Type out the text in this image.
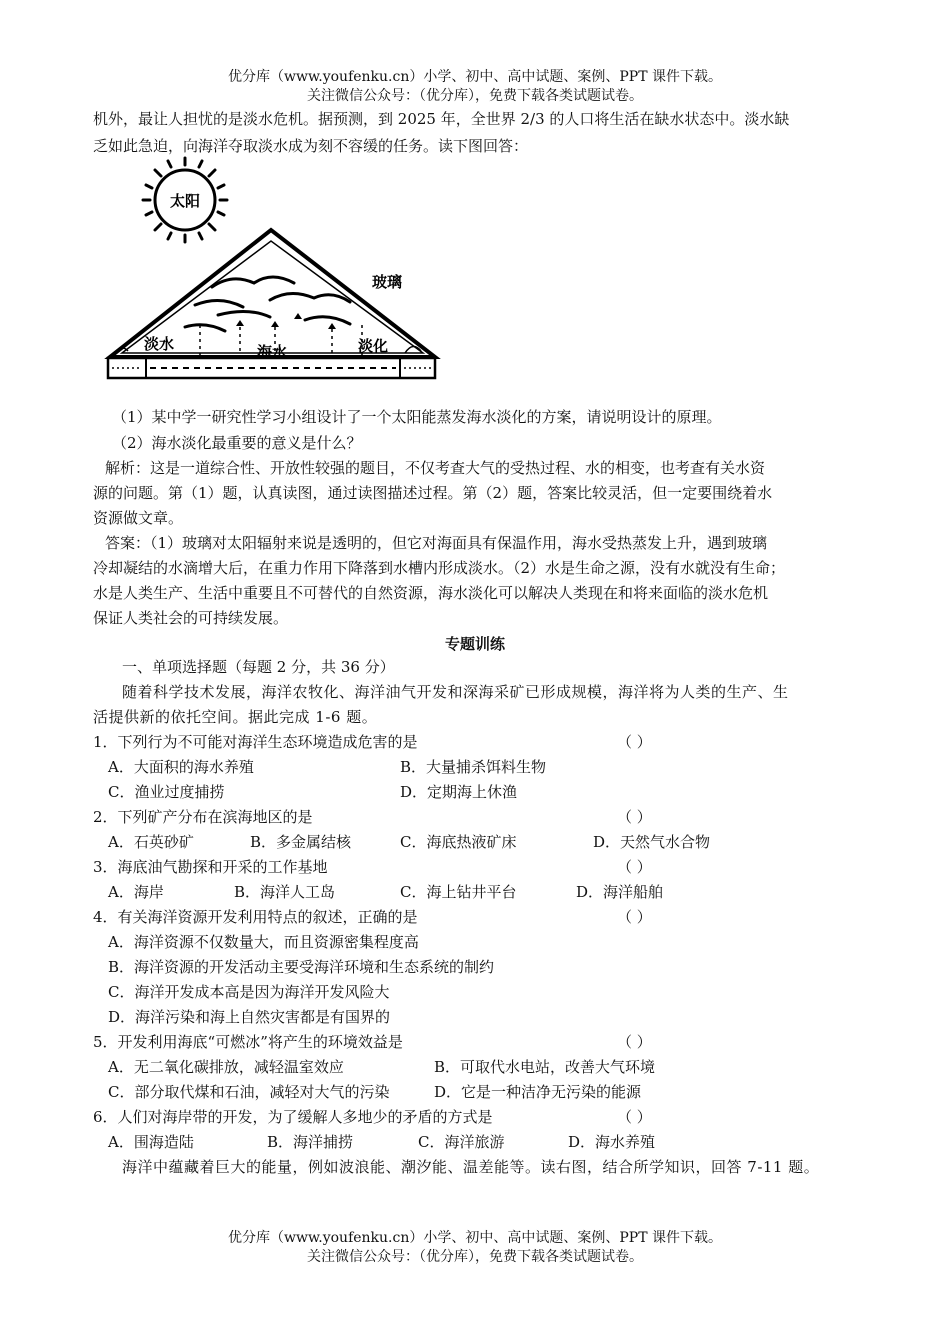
优分库（www.youfenku.cn）小学、初中、高中试题、案例、PPT 课件下载。
关注微信公众号：（优分库），免费下载各类试题试卷。
机外，最让人担忧的是淡水危机。据预测，到 2025 年，全世界 2/3 的人口将生活在缺水状态中。淡水缺
乏如此急迫，向海洋夺取淡水成为刻不容缓的任务。读下图回答：
太阳
玻璃
淡水	海水	淡化
（1）某中学一研究性学习小组设计了一个太阳能蒸发海水淡化的方案，请说明设计的原理。
（2）海水淡化最重要的意义是什么？
解析：这是一道综合性、开放性较强的题目，不仅考查大气的受热过程、水的相变，也考查有关水资
源的问题。第（1）题，认真读图，通过读图描述过程。第（2）题，答案比较灵活，但一定要围绕着水
资源做文章。
答案：（1）玻璃对太阳辐射来说是透明的，但它对海面具有保温作用，海水受热蒸发上升，遇到玻璃
冷却凝结的水滴增大后，在重力作用下降落到水槽内形成淡水。（2）水是生命之源，没有水就没有生命；
水是人类生产、生活中重要且不可替代的自然资源，海水淡化可以解决人类现在和将来面临的淡水危机
保证人类社会的可持续发展。
专题训练
一、单项选择题（每题 2 分，共 36 分）
随着科学技术发展，海洋农牧化、海洋油气开发和深海采矿已形成规模，海洋将为人类的生产、生
活提供新的依托空间。据此完成 1-6 题。
1．下列行为不可能对海洋生态环境造成危害的是	（ ）
A．大面积的海水养殖	B．大量捕杀饵料生物
C．渔业过度捕捞	D．定期海上休渔
2．下列矿产分布在滨海地区的是	（ ）
A．石英砂矿	B．多金属结核	C．海底热液矿床	D．天然气水合物
3．海底油气勘探和开采的工作基地	（ ）
A．海岸	B．海洋人工岛	C．海上钻井平台	D．海洋船舶
4．有关海洋资源开发利用特点的叙述，正确的是	（ ）
A．海洋资源不仅数量大，而且资源密集程度高
B．海洋资源的开发活动主要受海洋环境和生态系统的制约
C．海洋开发成本高是因为海洋开发风险大
D．海洋污染和海上自然灾害都是有国界的
5．开发利用海底“可燃冰”将产生的环境效益是	（ ）
A．无二氧化碳排放，减轻温室效应	B．可取代水电站，改善大气环境
C．部分取代煤和石油，减轻对大气的污染	D．它是一种洁净无污染的能源
6．人们对海岸带的开发，为了缓解人多地少的矛盾的方式是	（ ）
A．围海造陆	B．海洋捕捞	C．海洋旅游	D．海水养殖
海洋中蕴藏着巨大的能量，例如波浪能、潮汐能、温差能等。读右图，结合所学知识，回答 7-11 题。
优分库（www.youfenku.cn）小学、初中、高中试题、案例、PPT 课件下载。
关注微信公众号：（优分库），免费下载各类试题试卷。
